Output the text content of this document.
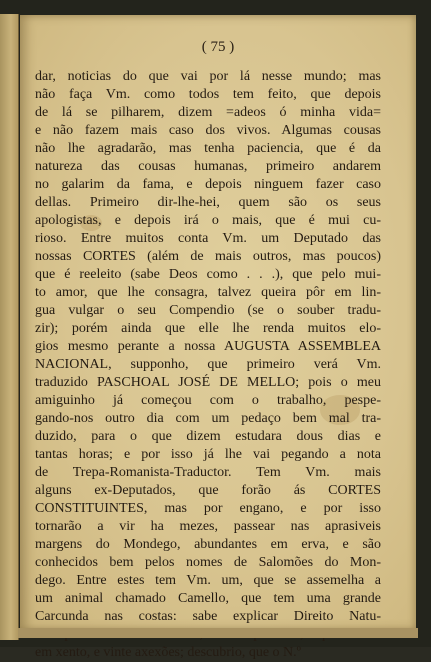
( 75 )
dar, noticias do que vai por lá nesse mundo; mas
não faça Vm. como todos tem feito, que depois
de lá se pilharem, dizem =adeos ó minha vida=
e não fazem mais caso dos vivos. Algumas cousas
não lhe agradarão, mas tenha paciencia, que é da
natureza das cousas humanas, primeiro andarem
no galarim da fama, e depois ninguem fazer caso
dellas. Primeiro dir-lhe-hei, quem são os seus
apologistas, e depois irá o mais, que é mui cu-
rioso. Entre muitos conta Vm. um Deputado das
nossas CORTES (além de mais outros, mas poucos)
que é reeleito (sabe Deos como . . .), que pelo mui-
to amor, que lhe consagra, talvez queira pôr em lin-
gua vulgar o seu Compendio (se o souber tradu-
zir); porém ainda que elle lhe renda muitos elo-
gios mesmo perante a nossa AUGUSTA ASSEMBLEA
NACIONAL, supponho, que primeiro verá Vm.
traduzido PASCHOAL JOSÉ DE MELLO; pois o meu
amiguinho já começou com o trabalho, pespe-
gando-nos outro dia com um pedaço bem mal tra-
duzido, para o que dizem estudara dous dias e
tantas horas; e por isso já lhe vai pegando a nota
de Trepa-Romanista-Traductor. Tem Vm. mais
alguns ex-Deputados, que forão ás CORTES
CONSTITUINTES, mas por engano, e por isso
tornarão a vir ha mezes, passear nas aprasiveis
margens do Mondego, abundantes em erva, e são
conhecidos bem pelos nomes de Salomões do Mon-
dego. Entre estes tem Vm. um, que se assemelha a
um animal chamado Camello, que tem uma grande
Carcunda nas costas: sabe explicar Direito Natu-
em xento, e vinte axexões; descubrio, que o N.º
